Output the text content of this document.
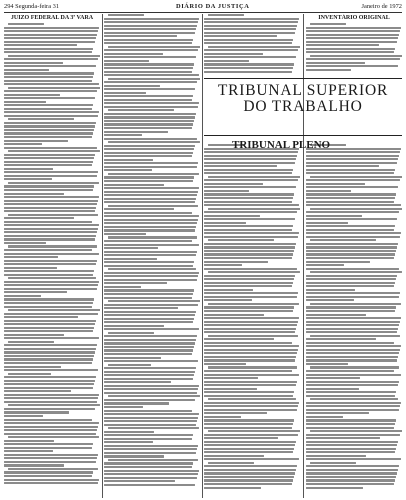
294 Segunda-feira 31	DIÁRIO DA JUSTIÇA	Janeiro de 1972
JUIZO FEDERAL DA 3ª VARA	INVENTÁRIO ORIGINAL
TRIBUNAL SUPERIOR
DO TRABALHO
TRIBUNAL PLENO
